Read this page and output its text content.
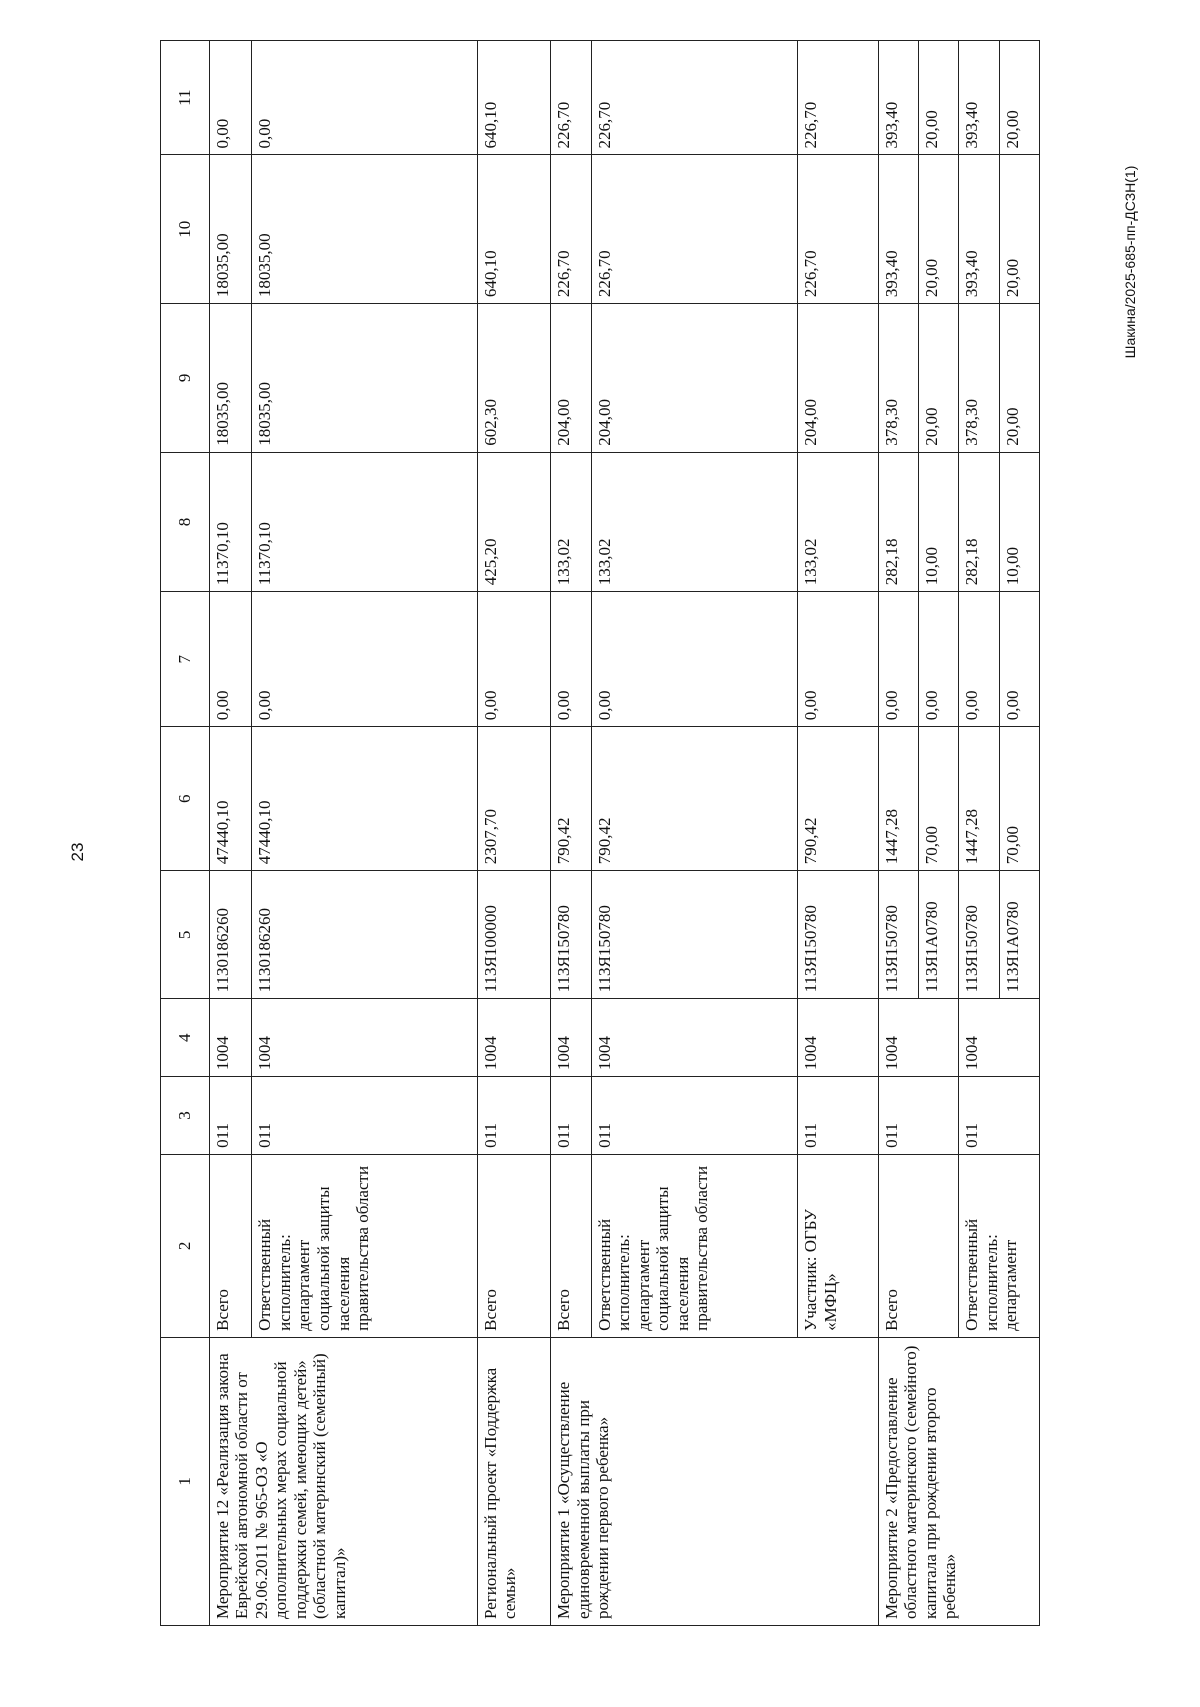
23
Шакина/2025-685-пп-ДСЗН(1)
1	2	3	4	5	6	7	8	9	10	11
Мероприятие 12 «Реализация закона Еврейской автономной области от 29.06.2011 № 965-ОЗ «О дополнительных мерах социальной поддержки семей, имеющих детей» (областной материнский (семейный) капитал)»	Всего	011	1004	1130186260	47440,10	0,00	11370,10	18035,00	18035,00	0,00
	Ответственный исполнитель: департамент социальной защиты населения правительства области	011	1004	1130186260	47440,10	0,00	11370,10	18035,00	18035,00	0,00
Региональный проект «Поддержка семьи»	Всего	011	1004	113Я100000	2307,70	0,00	425,20	602,30	640,10	640,10
Мероприятие 1 «Осуществление единовременной выплаты при рождении первого ребенка»	Всего	011	1004	113Я150780	790,42	0,00	133,02	204,00	226,70	226,70
	Ответственный исполнитель: департамент социальной защиты населения правительства области	011	1004	113Я150780	790,42	0,00	133,02	204,00	226,70	226,70
	Участник: ОГБУ «МФЦ»	011	1004	113Я150780	790,42	0,00	133,02	204,00	226,70	226,70
Мероприятие 2 «Предоставление областного материнского (семейного) капитала при рождении второго ребенка»	Всего	011	1004	113Я150780	1447,28	0,00	282,18	378,30	393,40	393,40
				113Я1А0780	70,00	0,00	10,00	20,00	20,00	20,00
	Ответственный исполнитель: департамент	011	1004	113Я150780	1447,28	0,00	282,18	378,30	393,40	393,40
				113Я1А0780	70,00	0,00	10,00	20,00	20,00	20,00
